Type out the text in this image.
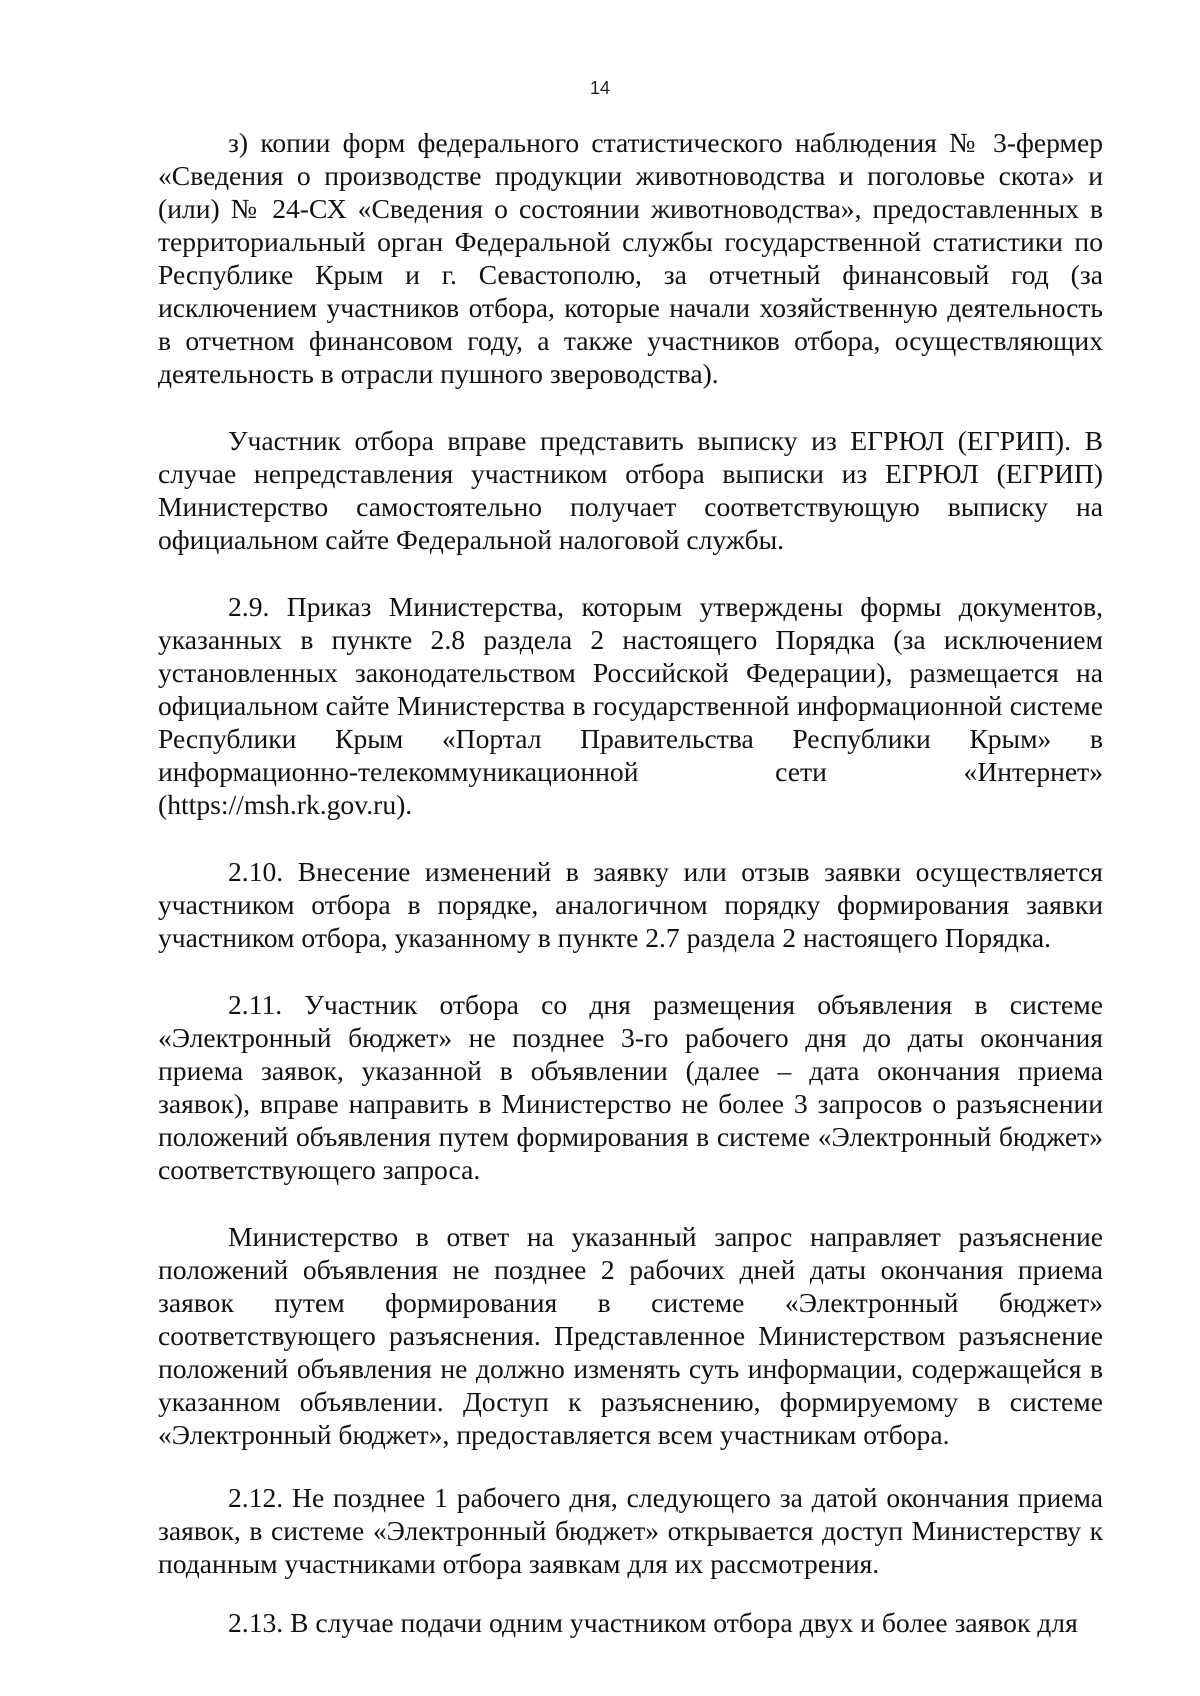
14

з) копии форм федерального статистического наблюдения № 3-фермер «Сведения о производстве продукции животноводства и поголовье скота» и (или) № 24-СХ «Сведения о состоянии животноводства», предоставленных в территориальный орган Федеральной службы государственной статистики по Республике Крым и г. Севастополю, за отчетный финансовый год (за исключением участников отбора, которые начали хозяйственную деятельность в отчетном финансовом году, а также участников отбора, осуществляющих деятельность в отрасли пушного звероводства).

Участник отбора вправе представить выписку из ЕГРЮЛ (ЕГРИП). В случае непредставления участником отбора выписки из ЕГРЮЛ (ЕГРИП) Министерство самостоятельно получает соответствующую выписку на официальном сайте Федеральной налоговой службы.

2.9. Приказ Министерства, которым утверждены формы документов, указанных в пункте 2.8 раздела 2 настоящего Порядка (за исключением установленных законодательством Российской Федерации), размещается на официальном сайте Министерства в государственной информационной системе Республики Крым «Портал Правительства Республики Крым» в информационно-телекоммуникационной сети «Интернет» (https://msh.rk.gov.ru).

2.10. Внесение изменений в заявку или отзыв заявки осуществляется участником отбора в порядке, аналогичном порядку формирования заявки участником отбора, указанному в пункте 2.7 раздела 2 настоящего Порядка.

2.11. Участник отбора со дня размещения объявления в системе «Электронный бюджет» не позднее 3-го рабочего дня до даты окончания приема заявок, указанной в объявлении (далее – дата окончания приема заявок), вправе направить в Министерство не более 3 запросов о разъяснении положений объявления путем формирования в системе «Электронный бюджет» соответствующего запроса.

Министерство в ответ на указанный запрос направляет разъяснение положений объявления не позднее 2 рабочих дней даты окончания приема заявок путем формирования в системе «Электронный бюджет» соответствующего разъяснения. Представленное Министерством разъяснение положений объявления не должно изменять суть информации, содержащейся в указанном объявлении. Доступ к разъяснению, формируемому в системе «Электронный бюджет», предоставляется всем участникам отбора.

2.12. Не позднее 1 рабочего дня, следующего за датой окончания приема заявок, в системе «Электронный бюджет» открывается доступ Министерству к поданным участниками отбора заявкам для их рассмотрения.

2.13. В случае подачи одним участником отбора двух и более заявок для
